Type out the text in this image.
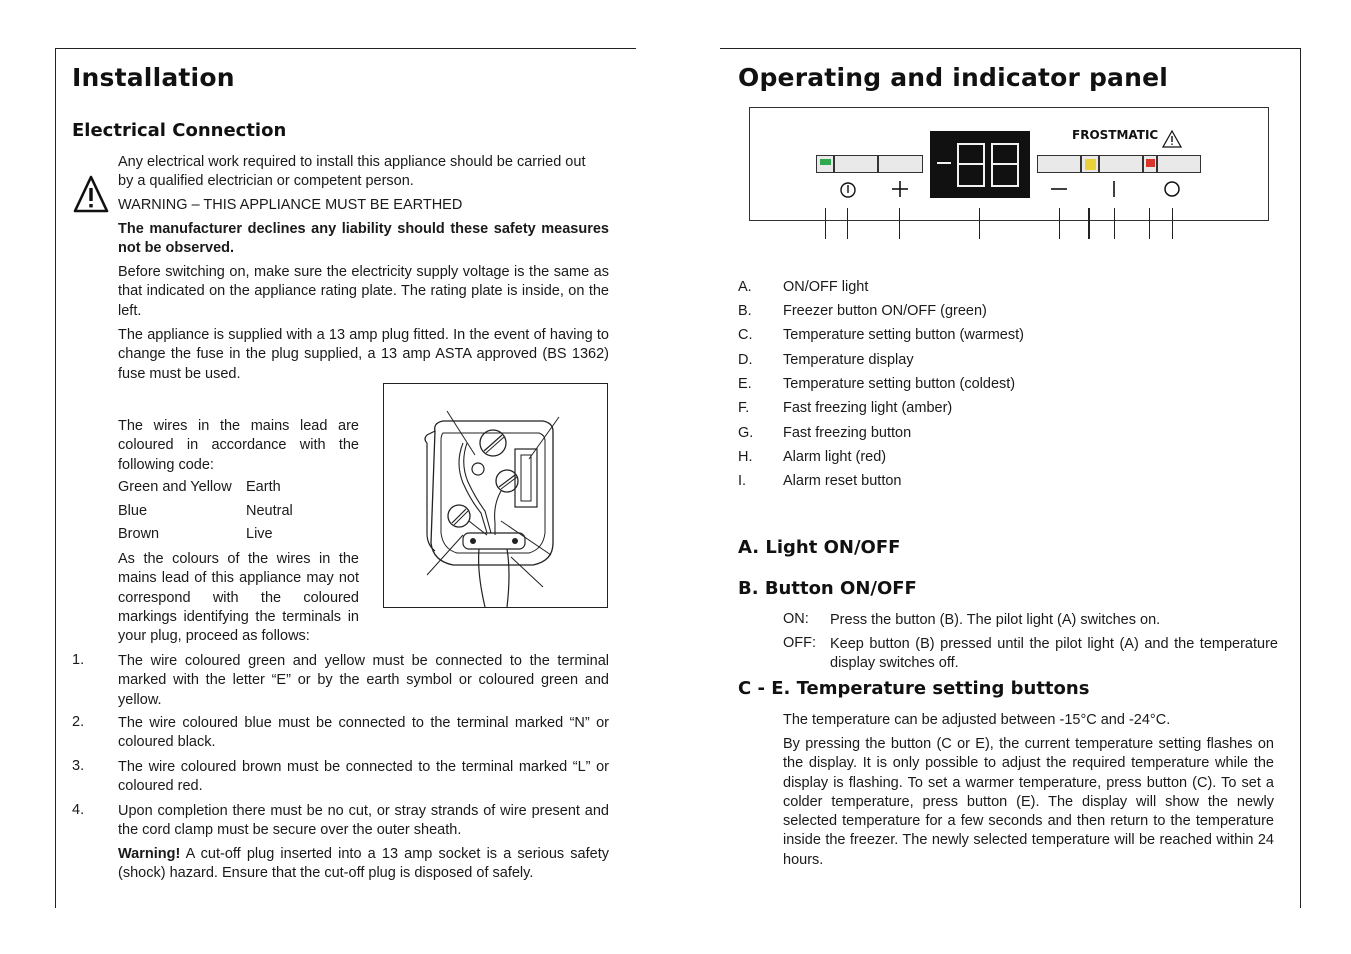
Installation
Electrical Connection
Any electrical work required to install this appliance should be carried out by a qualified electrician or competent person.
WARNING – THIS APPLIANCE MUST BE EARTHED
The manufacturer declines any liability should these safety measures not be observed.
Before switching on, make sure the electricity supply voltage is the same as that indicated on the appliance rating plate. The rating plate is inside, on the left.
The appliance is supplied with a 13 amp plug fitted. In the event of having to change the fuse in the plug supplied, a 13 amp ASTA approved (BS 1362) fuse must be used.
The wires in the mains lead are coloured in accordance with the following code:
Green and Yellow Earth
Blue	Neutral
Brown	Live
As the colours of the wires in the mains lead of this appliance may not correspond with the coloured markings identifying the terminals in your plug, proceed as follows:
1. The wire coloured green and yellow must be connected to the terminal marked with the letter “E” or by the earth symbol or coloured green and yellow.
2. The wire coloured blue must be connected to the terminal marked “N” or coloured black.
3. The wire coloured brown must be connected to the terminal marked “L” or coloured red.
4. Upon completion there must be no cut, or stray strands of wire present and the cord clamp must be secure over the outer sheath.
Warning! A cut-off plug inserted into a 13 amp socket is a serious safety (shock) hazard. Ensure that the cut-off plug is disposed of safely.
Operating and indicator panel
FROSTMATIC
A. ON/OFF light
B. Freezer button ON/OFF (green)
C. Temperature setting button (warmest)
D. Temperature display
E. Temperature setting button (coldest)
F. Fast freezing light (amber)
G. Fast freezing button
H. Alarm light (red)
I.	Alarm reset button
A. Light ON/OFF
B. Button ON/OFF
ON: Press the button (B). The pilot light (A) switches on.
OFF: Keep button (B) pressed until the pilot light (A) and the temperature display switches off.
C - E. Temperature setting buttons
The temperature can be adjusted between -15°C and -24°C.
By pressing the button (C or E), the current temperature setting flashes on the display. It is only possible to adjust the required temperature while the display is flashing. To set a warmer temperature, press button (C). To set a colder temperature, press button (E). The display will show the newly selected temperature for a few seconds and then return to the temperature inside the freezer. The newly selected temperature will be reached within 24 hours.
